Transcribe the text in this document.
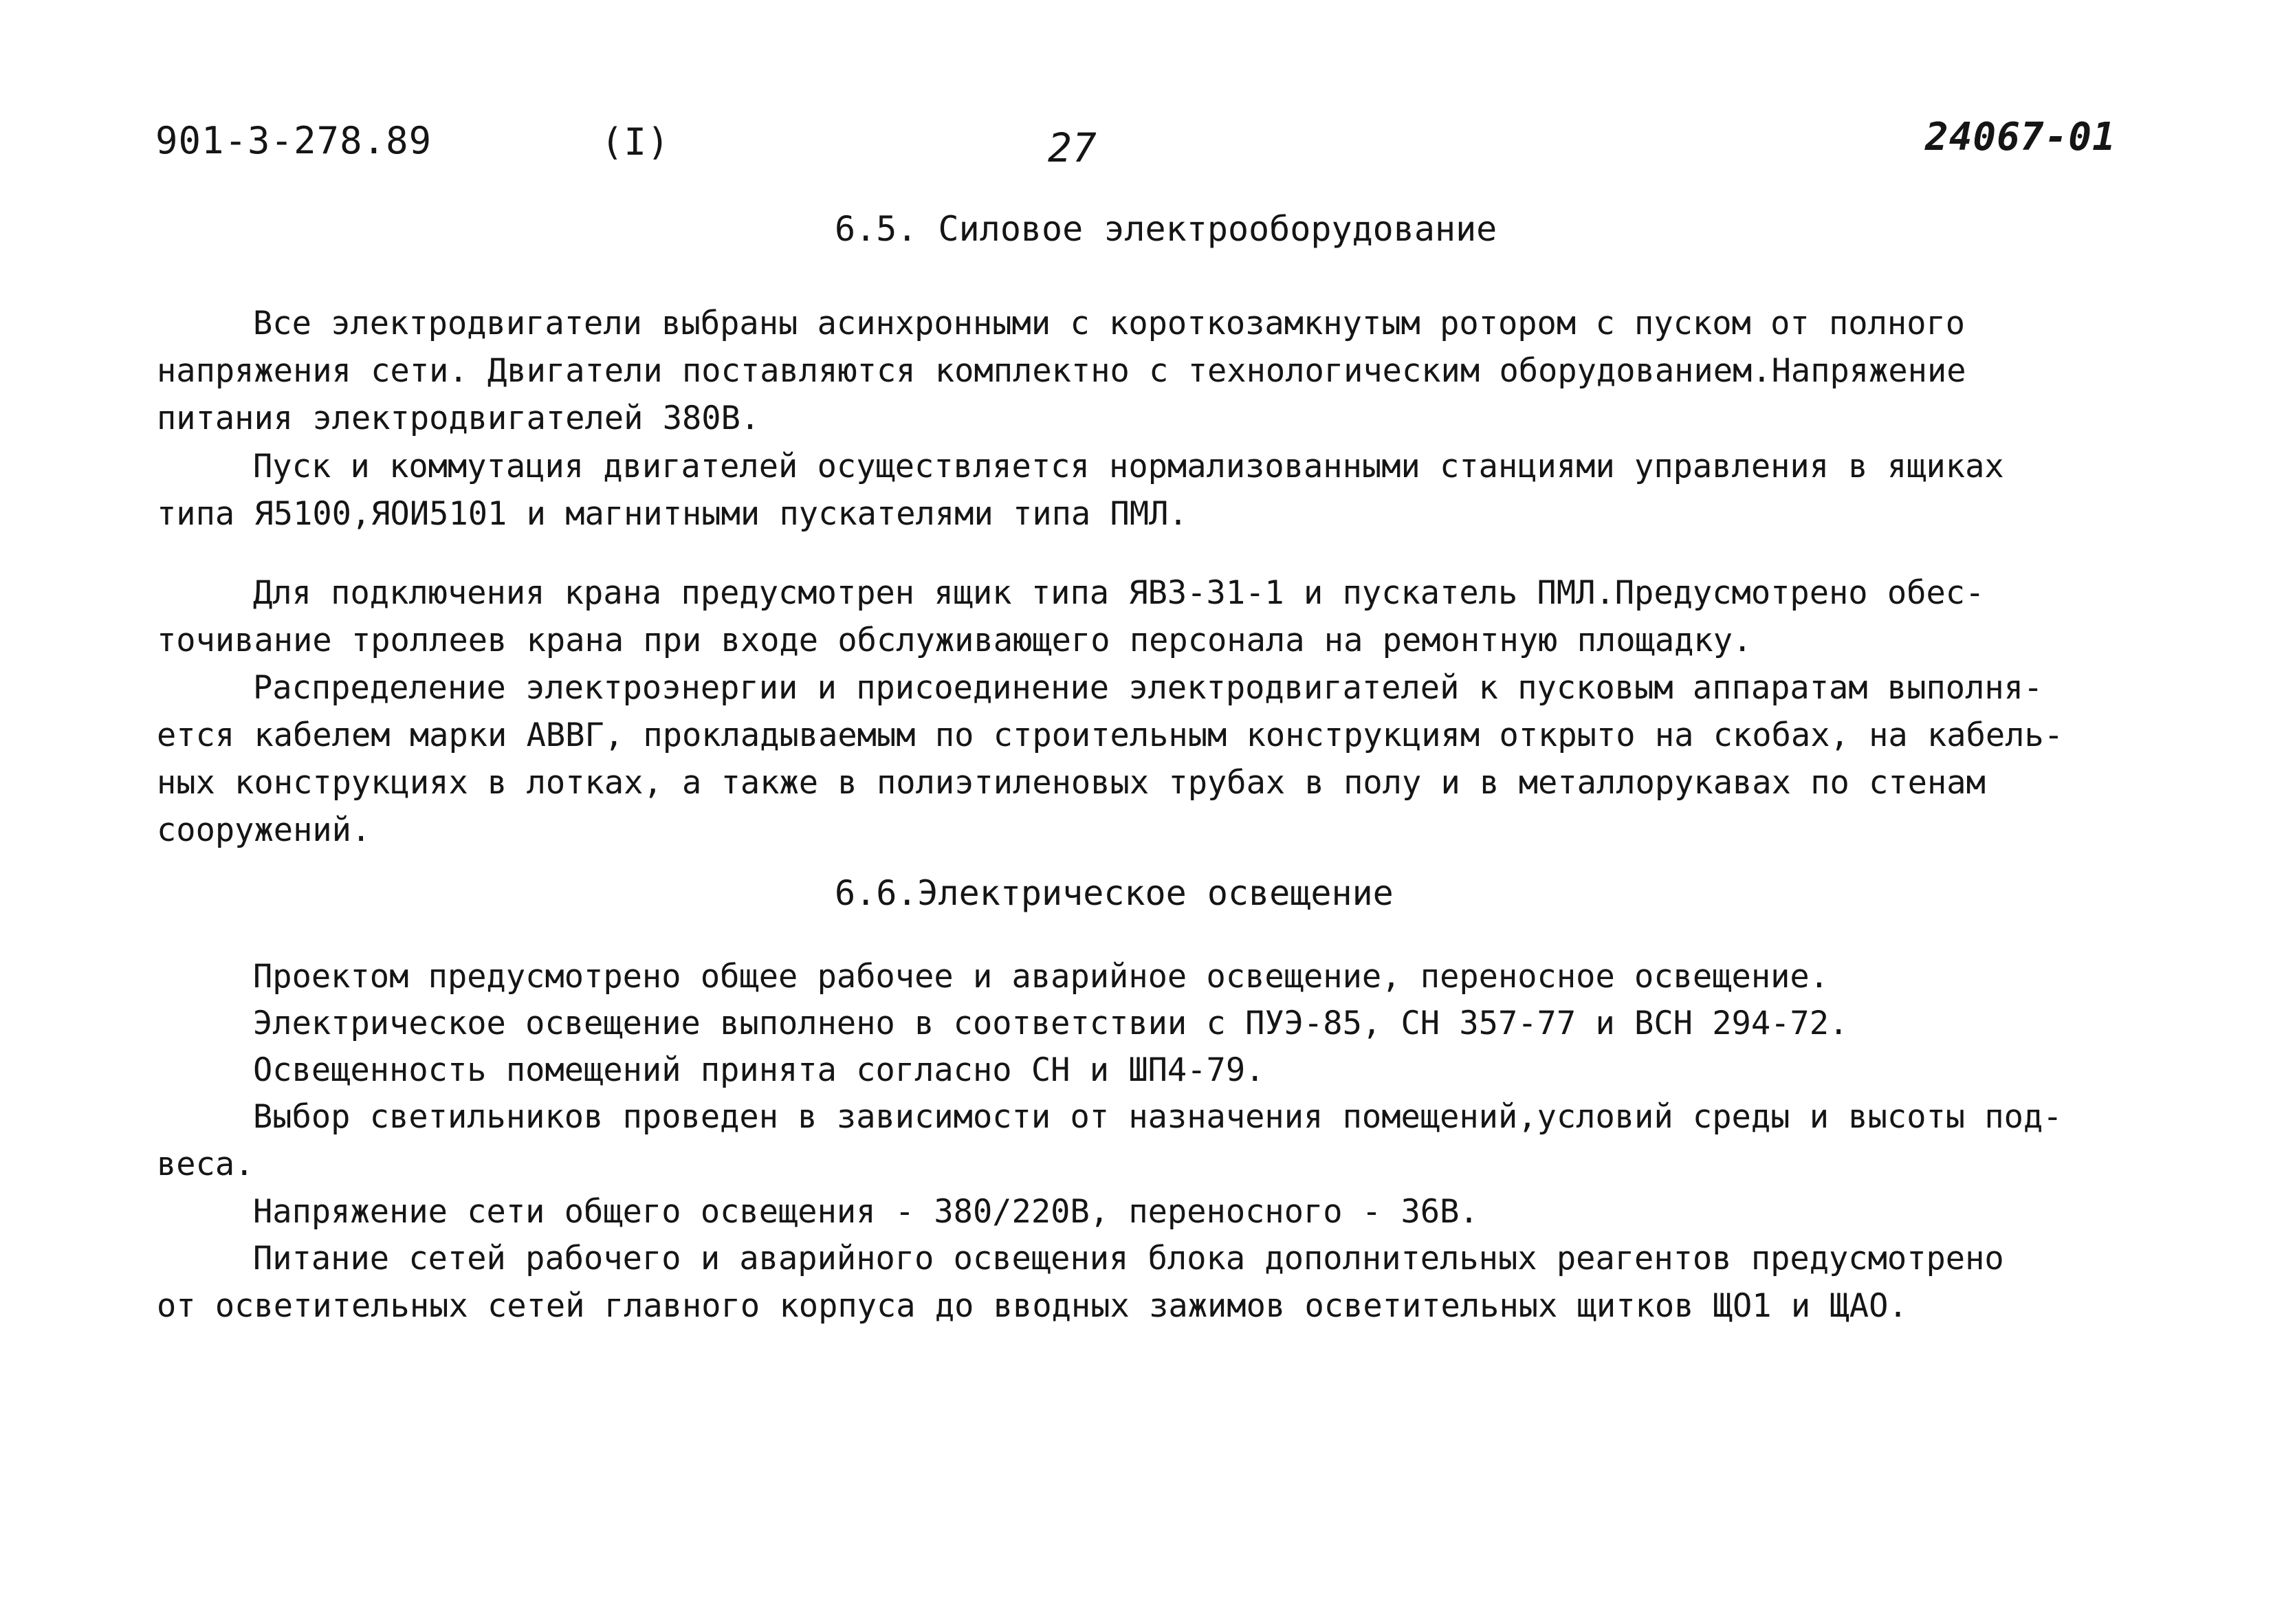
901-3-278.89	(I)	27	24067-01
6.5. Силовое электрооборудование

Все электродвигатели выбраны асинхронными с короткозамкнутым ротором с пуском от полного
напряжения сети. Двигатели поставляются комплектно с технологическим оборудованием.Напряжение
питания электродвигателей 380В.

Пуск и коммутация двигателей осуществляется нормализованными станциями управления в ящиках
типа Я5100,ЯОИ5101 и магнитными пускателями типа ПМЛ.

Для подключения крана предусмотрен ящик типа ЯВЗ-31-1 и пускатель ПМЛ.Предусмотрено обес-
точивание троллеев крана при входе обслуживающего персонала на ремонтную площадку.

Распределение электроэнергии и присоединение электродвигателей к пусковым аппаратам выполня-
ется кабелем марки АВВГ, прокладываемым по строительным конструкциям открыто на скобах, на кабель-
ных конструкциях в лотках, а также в полиэтиленовых трубах в полу и в металлорукавах по стенам
сооружений.

6.6.Электрическое освещение

Проектом предусмотрено общее рабочее и аварийное освещение, переносное освещение.

Электрическое освещение выполнено в соответствии с ПУЭ-85, СН 357-77 и ВСН 294-72.

Освещенность помещений принята согласно СН и ШП4-79.

Выбор светильников проведен в зависимости от назначения помещений,условий среды и высоты под-
веса.

Напряжение сети общего освещения - 380/220В, переносного - 36В.

Питание сетей рабочего и аварийного освещения блока дополнительных реагентов предусмотрено
от осветительных сетей главного корпуса до вводных зажимов осветительных щитков ЩО1 и ЩАО.
